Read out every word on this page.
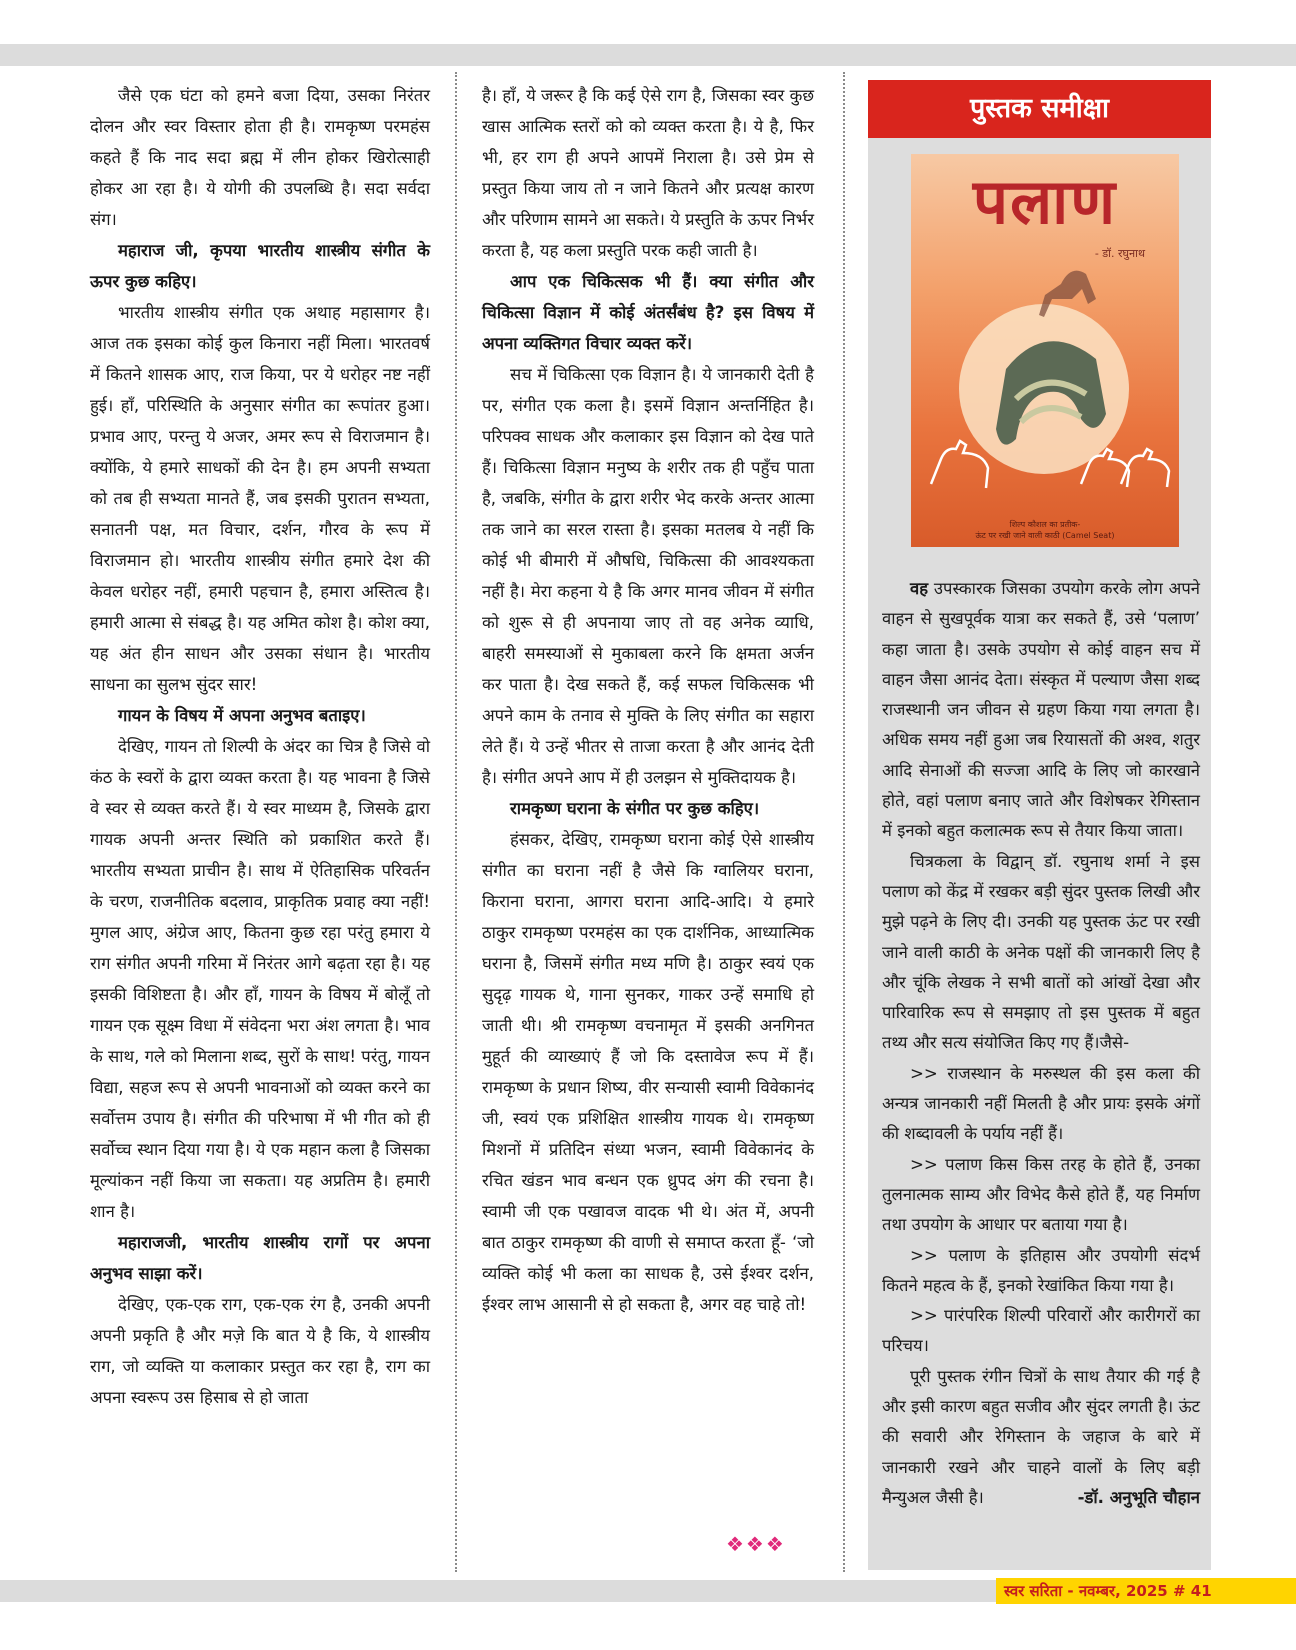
जैसे एक घंटा को हमने बजा दिया, उसका निरंतर दोलन और स्वर विस्तार होता ही है। रामकृष्ण परमहंस कहते हैं कि नाद सदा ब्रह्म में लीन होकर खिरोत्साही होकर आ रहा है। ये योगी की उपलब्धि है। सदा सर्वदा संग।

महाराज जी, कृपया भारतीय शास्त्रीय संगीत के ऊपर कुछ कहिए।

भारतीय शास्त्रीय संगीत एक अथाह महासागर है। आज तक इसका कोई कुल किनारा नहीं मिला। भारतवर्ष में कितने शासक आए, राज किया, पर ये धरोहर नष्ट नहीं हुई। हाँ, परिस्थिति के अनुसार संगीत का रूपांतर हुआ। प्रभाव आए, परन्तु ये अजर, अमर रूप से विराजमान है। क्योंकि, ये हमारे साधकों की देन है। हम अपनी सभ्यता को तब ही सभ्यता मानते हैं, जब इसकी पुरातन सभ्यता, सनातनी पक्ष, मत विचार, दर्शन, गौरव के रूप में विराजमान हो। भारतीय शास्त्रीय संगीत हमारे देश की केवल धरोहर नहीं, हमारी पहचान है, हमारा अस्तित्व है। हमारी आत्मा से संबद्ध है। यह अमित कोश है। कोश क्या, यह अंत हीन साधन और उसका संधान है। भारतीय साधना का सुलभ सुंदर सार!

गायन के विषय में अपना अनुभव बताइए।

देखिए, गायन तो शिल्पी के अंदर का चित्र है जिसे वो कंठ के स्वरों के द्वारा व्यक्त करता है। यह भावना है जिसे वे स्वर से व्यक्त करते हैं। ये स्वर माध्यम है, जिसके द्वारा गायक अपनी अन्तर स्थिति को प्रकाशित करते हैं। भारतीय सभ्यता प्राचीन है। साथ में ऐतिहासिक परिवर्तन के चरण, राजनीतिक बदलाव, प्राकृतिक प्रवाह क्या नहीं! मुगल आए, अंग्रेज आए, कितना कुछ रहा परंतु हमारा ये राग संगीत अपनी गरिमा में निरंतर आगे बढ़ता रहा है। यह इसकी विशिष्टता है। और हाँ, गायन के विषय में बोलूँ तो गायन एक सूक्ष्म विधा में संवेदना भरा अंश लगता है। भाव के साथ, गले को मिलाना शब्द, सुरों के साथ! परंतु, गायन विद्या, सहज रूप से अपनी भावनाओं को व्यक्त करने का सर्वोत्तम उपाय है। संगीत की परिभाषा में भी गीत को ही सर्वोच्च स्थान दिया गया है। ये एक महान कला है जिसका मूल्यांकन नहीं किया जा सकता। यह अप्रतिम है। हमारी शान है।

महाराजजी, भारतीय शास्त्रीय रागों पर अपना अनुभव साझा करें।

देखिए, एक-एक राग, एक-एक रंग है, उनकी अपनी अपनी प्रकृति है और मज़े कि बात ये है कि, ये शास्त्रीय राग, जो व्यक्ति या कलाकार प्रस्तुत कर रहा है, राग का अपना स्वरूप उस हिसाब से हो जाता

है। हाँ, ये जरूर है कि कई ऐसे राग है, जिसका स्वर कुछ खास आत्मिक स्तरों को को व्यक्त करता है। ये है, फिर भी, हर राग ही अपने आपमें निराला है। उसे प्रेम से प्रस्तुत किया जाय तो न जाने कितने और प्रत्यक्ष कारण और परिणाम सामने आ सकते। ये प्रस्तुति के ऊपर निर्भर करता है, यह कला प्रस्तुति परक कही जाती है।

आप एक चिकित्सक भी हैं। क्या संगीत और चिकित्सा विज्ञान में कोई अंतर्संबंध है? इस विषय में अपना व्यक्तिगत विचार व्यक्त करें।

सच में चिकित्सा एक विज्ञान है। ये जानकारी देती है पर, संगीत एक कला है। इसमें विज्ञान अन्तर्निहित है। परिपक्व साधक और कलाकार इस विज्ञान को देख पाते हैं। चिकित्सा विज्ञान मनुष्य के शरीर तक ही पहुँच पाता है, जबकि, संगीत के द्वारा शरीर भेद करके अन्तर आत्मा तक जाने का सरल रास्ता है। इसका मतलब ये नहीं कि कोई भी बीमारी में औषधि, चिकित्सा की आवश्यकता नहीं है। मेरा कहना ये है कि अगर मानव जीवन में संगीत को शुरू से ही अपनाया जाए तो वह अनेक व्याधि, बाहरी समस्याओं से मुकाबला करने कि क्षमता अर्जन कर पाता है। देख सकते हैं, कई सफल चिकित्सक भी अपने काम के तनाव से मुक्ति के लिए संगीत का सहारा लेते हैं। ये उन्हें भीतर से ताजा करता है और आनंद देती है। संगीत अपने आप में ही उलझन से मुक्तिदायक है।

रामकृष्ण घराना के संगीत पर कुछ कहिए।

हंसकर, देखिए, रामकृष्ण घराना कोई ऐसे शास्त्रीय संगीत का घराना नहीं है जैसे कि ग्वालियर घराना, किराना घराना, आगरा घराना आदि-आदि। ये हमारे ठाकुर रामकृष्ण परमहंस का एक दार्शनिक, आध्यात्मिक घराना है, जिसमें संगीत मध्य मणि है। ठाकुर स्वयं एक सुदृढ़ गायक थे, गाना सुनकर, गाकर उन्हें समाधि हो जाती थी। श्री रामकृष्ण वचनामृत में इसकी अनगिनत मुहूर्त की व्याख्याएं हैं जो कि दस्तावेज रूप में हैं। रामकृष्ण के प्रधान शिष्य, वीर सन्यासी स्वामी विवेकानंद जी, स्वयं एक प्रशिक्षित शास्त्रीय गायक थे। रामकृष्ण मिशनों में प्रतिदिन संध्या भजन, स्वामी विवेकानंद के रचित खंडन भाव बन्धन एक ध्रुपद अंग की रचना है। स्वामी जी एक पखावज वादक भी थे। अंत में, अपनी बात ठाकुर रामकृष्ण की वाणी से समाप्त करता हूँ- ‘जो व्यक्ति कोई भी कला का साधक है, उसे ईश्वर दर्शन, ईश्वर लाभ आसानी से हो सकता है, अगर वह चाहे तो!

❖❖❖
पुस्तक समीक्षा
पलाण
- डॉ. रघुनाथ
शिल्प कौशल का प्रतीक-
ऊंट पर रखी जाने वाली काठी (Camel Seat)

वह उपस्कारक जिसका उपयोग करके लोग अपने वाहन से सुखपूर्वक यात्रा कर सकते हैं, उसे ‘पलाण’ कहा जाता है। उसके उपयोग से कोई वाहन सच में वाहन जैसा आनंद देता। संस्कृत में पल्याण जैसा शब्द राजस्थानी जन जीवन से ग्रहण किया गया लगता है। अधिक समय नहीं हुआ जब रियासतों की अश्व, शतुर आदि सेनाओं की सज्जा आदि के लिए जो कारखाने होते, वहां पलाण बनाए जाते और विशेषकर रेगिस्तान में इनको बहुत कलात्मक रूप से तैयार किया जाता।

चित्रकला के विद्वान् डॉ. रघुनाथ शर्मा ने इस पलाण को केंद्र में रखकर बड़ी सुंदर पुस्तक लिखी और मुझे पढ़ने के लिए दी। उनकी यह पुस्तक ऊंट पर रखी जाने वाली काठी के अनेक पक्षों की जानकारी लिए है और चूंकि लेखक ने सभी बातों को आंखों देखा और पारिवारिक रूप से समझाए तो इस पुस्तक में बहुत तथ्य और सत्य संयोजित किए गए हैं।जैसे-

>> राजस्थान के मरुस्थल की इस कला की अन्यत्र जानकारी नहीं मिलती है और प्रायः इसके अंगों की शब्दावली के पर्याय नहीं हैं।

>> पलाण किस किस तरह के होते हैं, उनका तुलनात्मक साम्य और विभेद कैसे होते हैं, यह निर्माण तथा उपयोग के आधार पर बताया गया है।

>> पलाण के इतिहास और उपयोगी संदर्भ कितने महत्व के हैं, इनको रेखांकित किया गया है।

>> पारंपरिक शिल्पी परिवारों और कारीगरों का परिचय।

पूरी पुस्तक रंगीन चित्रों के साथ तैयार की गई है और इसी कारण बहुत सजीव और सुंदर लगती है। ऊंट की सवारी और रेगिस्तान के जहाज के बारे में जानकारी रखने और चाहने वालों के लिए बड़ी मैन्युअल जैसी है।	-डॉ. अनुभूति चौहान

स्वर सरिता - नवम्बर, 2025 # 41
